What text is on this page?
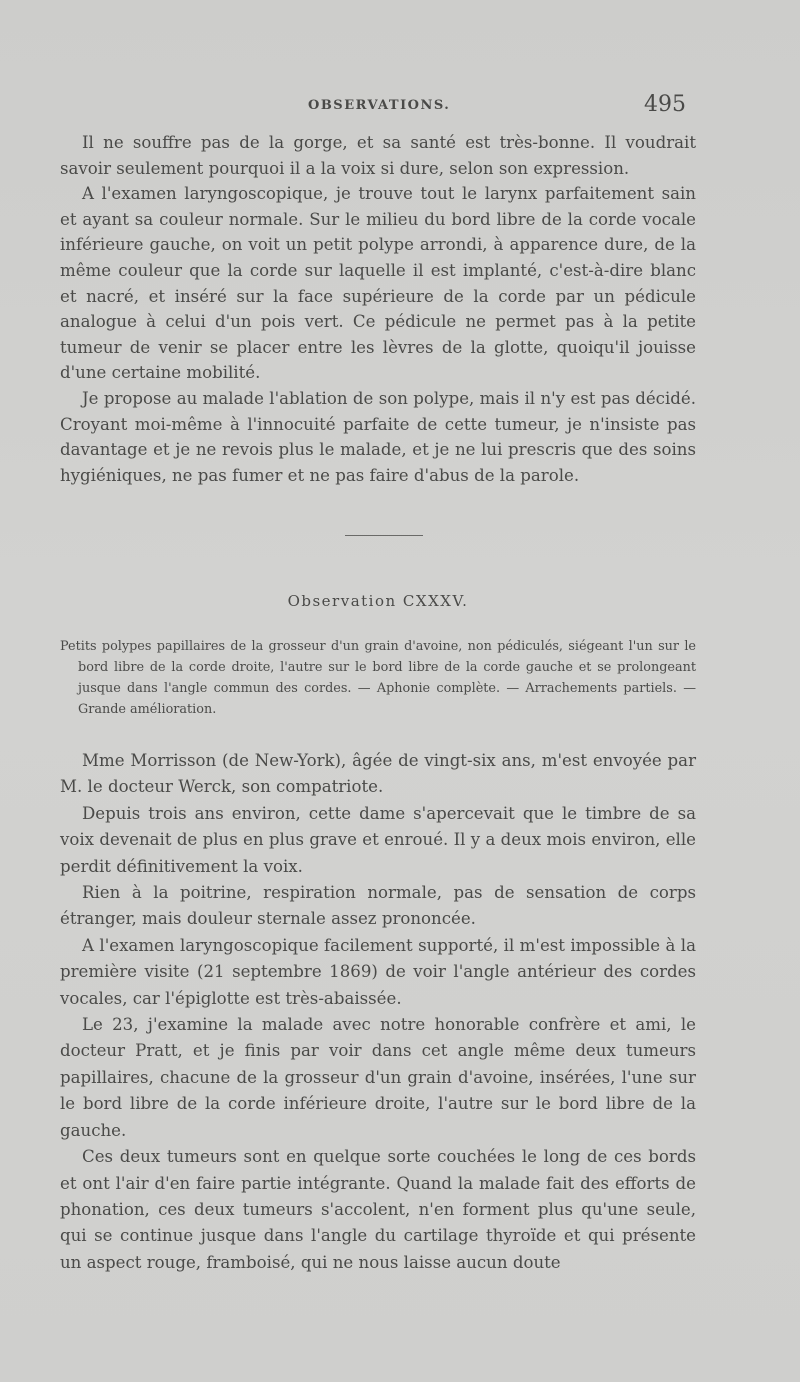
OBSERVATIONS.	495

Il ne souffre pas de la gorge, et sa santé est très-bonne. Il voudrait savoir seulement pourquoi il a la voix si dure, selon son expression.

A l'examen laryngoscopique, je trouve tout le larynx parfaitement sain et ayant sa couleur normale. Sur le milieu du bord libre de la corde vocale inférieure gauche, on voit un petit polype arrondi, à apparence dure, de la même couleur que la corde sur laquelle il est implanté, c'est-à-dire blanc et nacré, et inséré sur la face supérieure de la corde par un pédicule analogue à celui d'un pois vert. Ce pédicule ne permet pas à la petite tumeur de venir se placer entre les lèvres de la glotte, quoiqu'il jouisse d'une certaine mobilité.

Je propose au malade l'ablation de son polype, mais il n'y est pas décidé. Croyant moi-même à l'innocuité parfaite de cette tumeur, je n'insiste pas davantage et je ne revois plus le malade, et je ne lui prescris que des soins hygiéniques, ne pas fumer et ne pas faire d'abus de la parole.

Observation CXXXV.

Petits polypes papillaires de la grosseur d'un grain d'avoine, non pédiculés, siégeant l'un sur le bord libre de la corde droite, l'autre sur le bord libre de la corde gauche et se prolongeant jusque dans l'angle commun des cordes. — Aphonie complète. — Arrachements partiels. — Grande amélioration.

Mme Morrisson (de New-York), âgée de vingt-six ans, m'est envoyée par M. le docteur Werck, son compatriote.

Depuis trois ans environ, cette dame s'apercevait que le timbre de sa voix devenait de plus en plus grave et enroué. Il y a deux mois environ, elle perdit définitivement la voix.

Rien à la poitrine, respiration normale, pas de sensation de corps étranger, mais douleur sternale assez prononcée.

A l'examen laryngoscopique facilement supporté, il m'est impossible à la première visite (21 septembre 1869) de voir l'angle antérieur des cordes vocales, car l'épiglotte est très-abaissée.

Le 23, j'examine la malade avec notre honorable confrère et ami, le docteur Pratt, et je finis par voir dans cet angle même deux tumeurs papillaires, chacune de la grosseur d'un grain d'avoine, insérées, l'une sur le bord libre de la corde inférieure droite, l'autre sur le bord libre de la gauche.

Ces deux tumeurs sont en quelque sorte couchées le long de ces bords et ont l'air d'en faire partie intégrante. Quand la malade fait des efforts de phonation, ces deux tumeurs s'accolent, n'en forment plus qu'une seule, qui se continue jusque dans l'angle du cartilage thyroïde et qui présente un aspect rouge, framboisé, qui ne nous laisse aucun doute
